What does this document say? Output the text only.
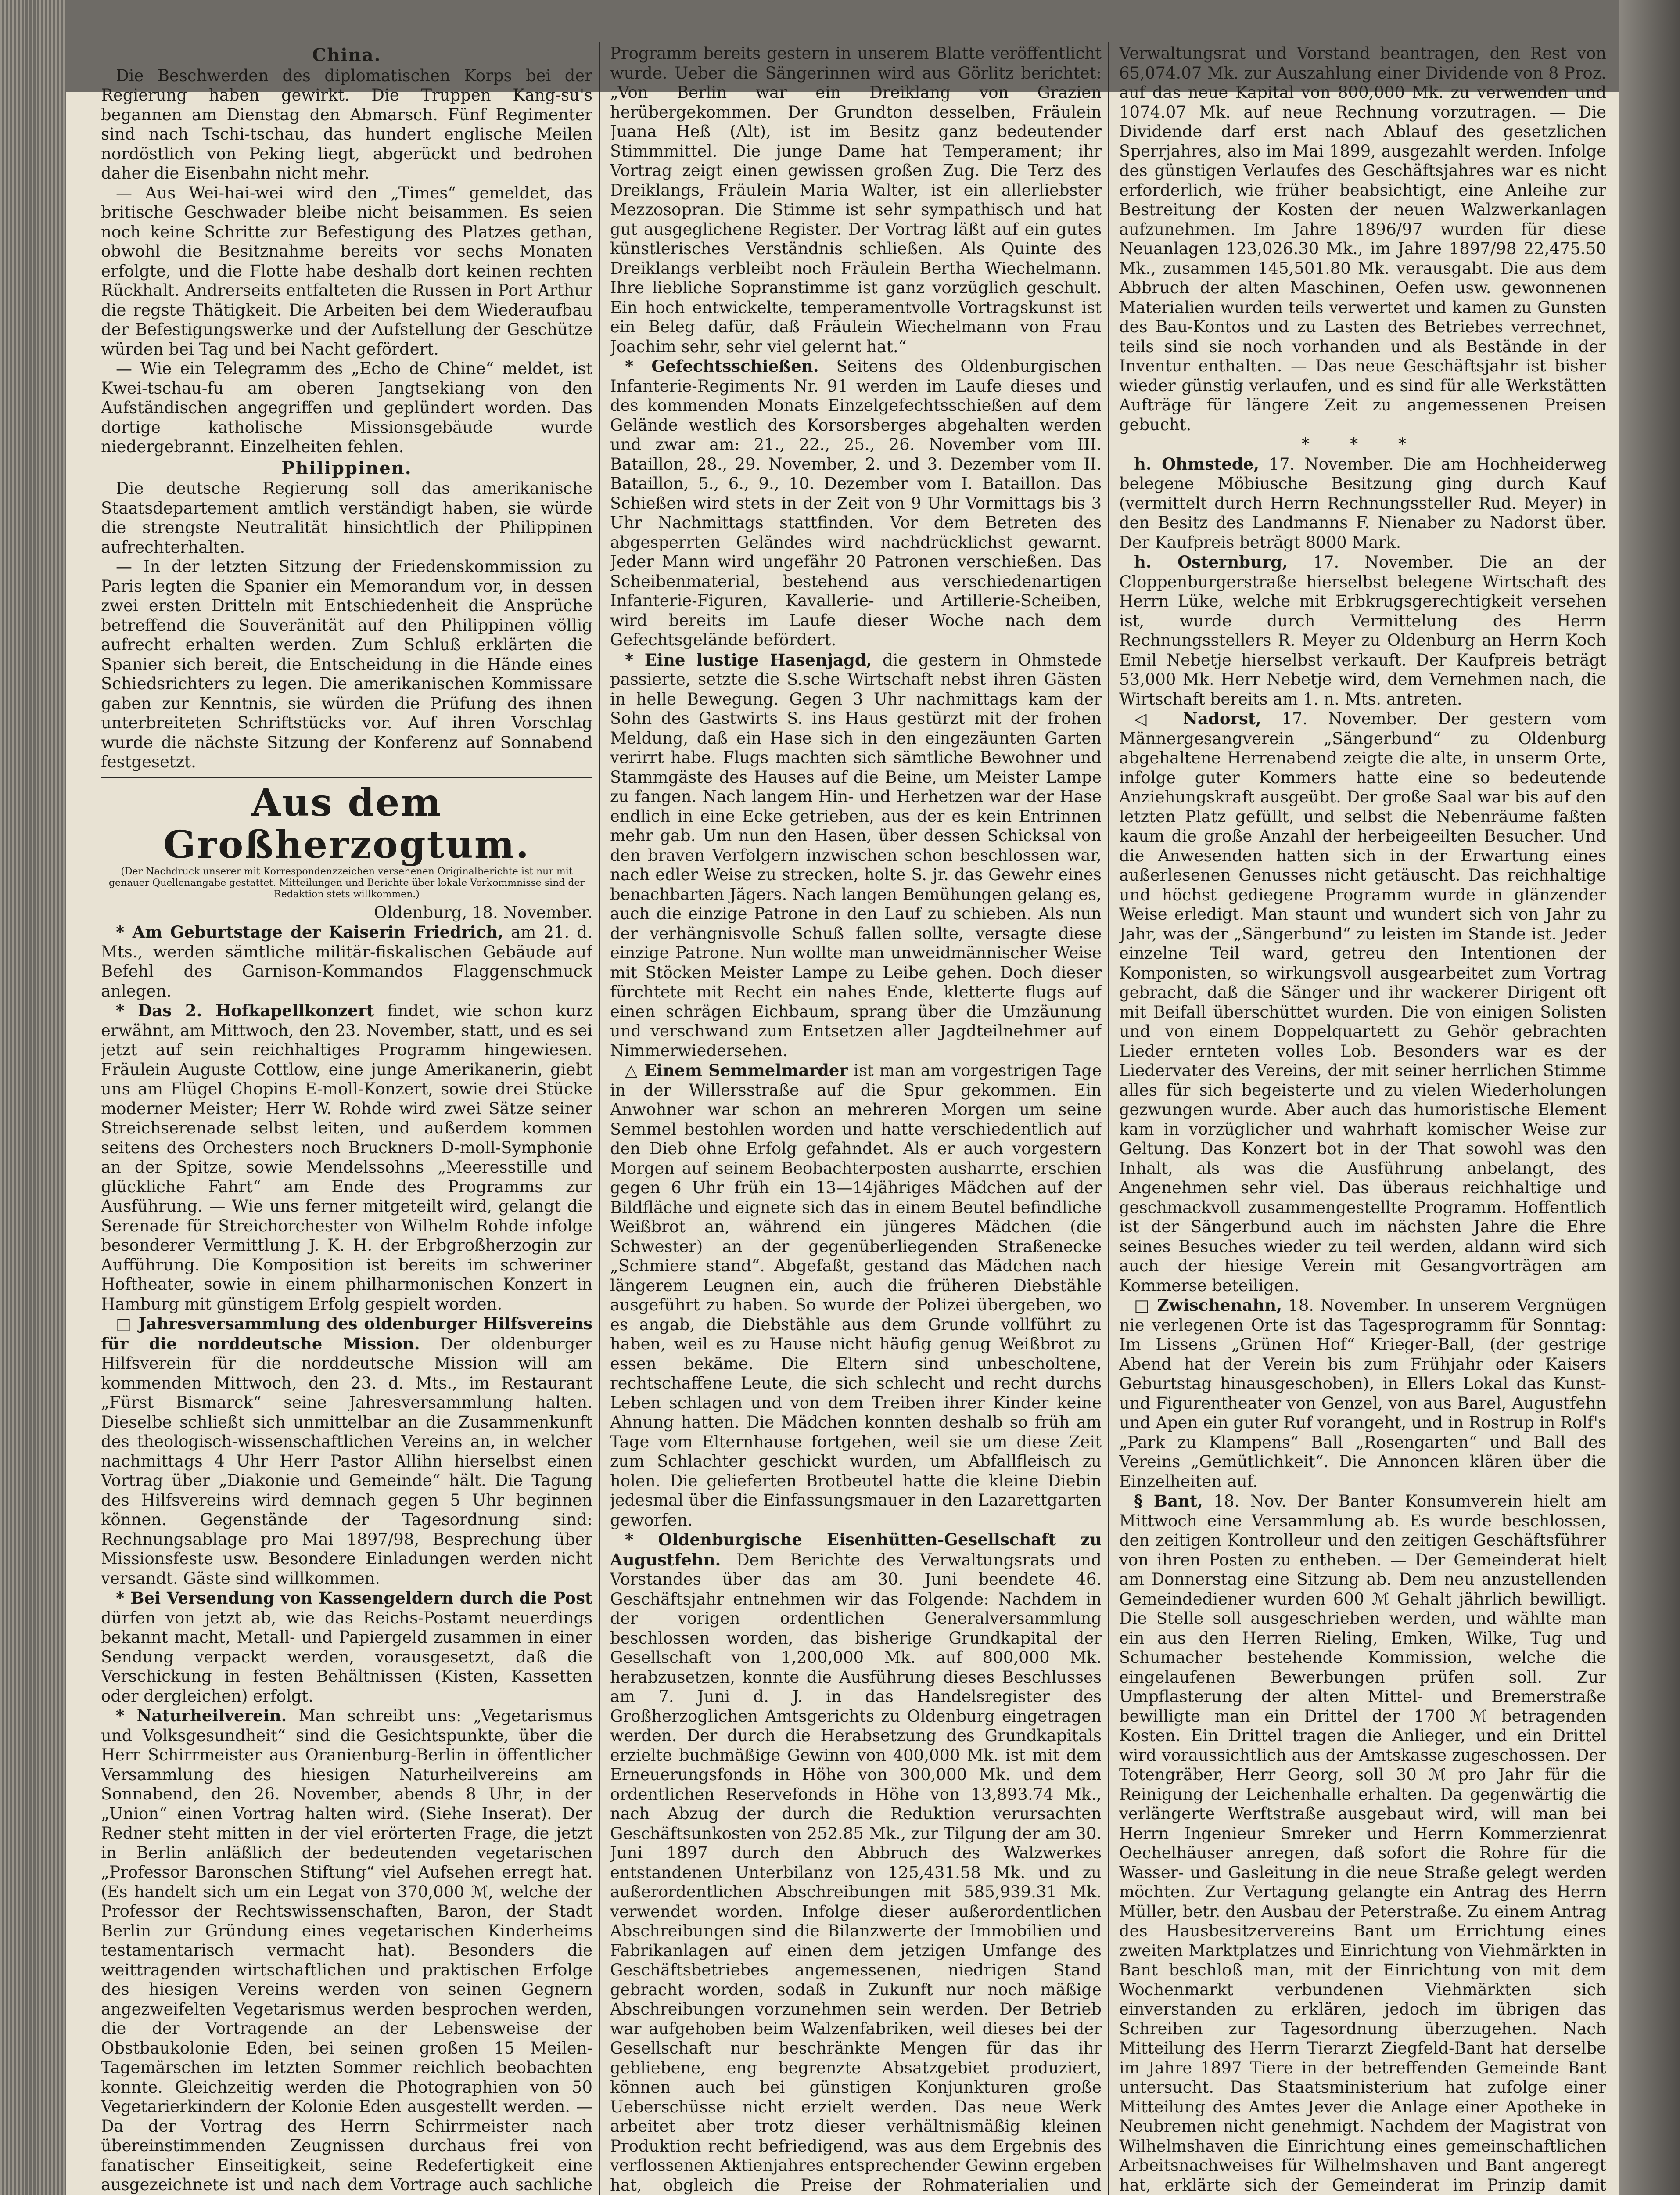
China.

Die Beschwerden des diplomatischen Korps bei der Regierung haben gewirkt. Die Truppen Kang-su's begannen am Dienstag den Abmarsch. Fünf Regimenter sind nach Tschi-tschau, das hundert englische Meilen nordöstlich von Peking liegt, abgerückt und bedrohen daher die Eisenbahn nicht mehr.

— Aus Wei-hai-wei wird den „Times“ gemeldet, das britische Geschwader bleibe nicht beisammen. Es seien noch keine Schritte zur Befestigung des Platzes gethan, obwohl die Besitznahme bereits vor sechs Monaten erfolgte, und die Flotte habe deshalb dort keinen rechten Rückhalt. Andrerseits entfalteten die Russen in Port Arthur die regste Thätigkeit. Die Arbeiten bei dem Wiederaufbau der Befestigungswerke und der Aufstellung der Geschütze würden bei Tag und bei Nacht gefördert.

— Wie ein Telegramm des „Echo de Chine“ meldet, ist Kwei-tschau-fu am oberen Jangtsekiang von den Aufständischen angegriffen und geplündert worden. Das dortige katholische Missionsgebäude wurde niedergebrannt. Einzelheiten fehlen.

Philippinen.

Die deutsche Regierung soll das amerikanische Staatsdepartement amtlich verständigt haben, sie würde die strengste Neutralität hinsichtlich der Philippinen aufrechterhalten.

— In der letzten Sitzung der Friedenskommission zu Paris legten die Spanier ein Memorandum vor, in dessen zwei ersten Dritteln mit Entschiedenheit die Ansprüche betreffend die Souveränität auf den Philippinen völlig aufrecht erhalten werden. Zum Schluß erklärten die Spanier sich bereit, die Entscheidung in die Hände eines Schiedsrichters zu legen. Die amerikanischen Kommissare gaben zur Kenntnis, sie würden die Prüfung des ihnen unterbreiteten Schriftstücks vor. Auf ihren Vorschlag wurde die nächste Sitzung der Konferenz auf Sonnabend festgesetzt.

Aus dem Großherzogtum.
(Der Nachdruck unserer mit Korrespondenzzeichen versehenen Originalberichte ist nur mit genauer Quellenangabe gestattet. Mitteilungen und Berichte über lokale Vorkommnisse sind der Redaktion stets willkommen.)
Oldenburg, 18. November.

* Am Geburtstage der Kaiserin Friedrich, am 21. d. Mts., werden sämtliche militär-fiskalischen Gebäude auf Befehl des Garnison-Kommandos Flaggenschmuck anlegen.

* Das 2. Hofkapellkonzert findet, wie schon kurz erwähnt, am Mittwoch, den 23. November, statt, und es sei jetzt auf sein reichhaltiges Programm hingewiesen. Fräulein Auguste Cottlow, eine junge Amerikanerin, giebt uns am Flügel Chopins E-moll-Konzert, sowie drei Stücke moderner Meister; Herr W. Rohde wird zwei Sätze seiner Streichserenade selbst leiten, und außerdem kommen seitens des Orchesters noch Bruckners D-moll-Symphonie an der Spitze, sowie Mendelssohns „Meeresstille und glückliche Fahrt“ am Ende des Programms zur Ausführung. — Wie uns ferner mitgeteilt wird, gelangt die Serenade für Streichorchester von Wilhelm Rohde infolge besonderer Vermittlung J. K. H. der Erbgroßherzogin zur Aufführung. Die Komposition ist bereits im schweriner Hoftheater, sowie in einem philharmonischen Konzert in Hamburg mit günstigem Erfolg gespielt worden.

□ Jahresversammlung des oldenburger Hilfsvereins für die norddeutsche Mission. Der oldenburger Hilfsverein für die norddeutsche Mission will am kommenden Mittwoch, den 23. d. Mts., im Restaurant „Fürst Bismarck“ seine Jahresversammlung halten. Dieselbe schließt sich unmittelbar an die Zusammenkunft des theologisch-wissenschaftlichen Vereins an, in welcher nachmittags 4 Uhr Herr Pastor Allihn hierselbst einen Vortrag über „Diakonie und Gemeinde“ hält. Die Tagung des Hilfsvereins wird demnach gegen 5 Uhr beginnen können. Gegenstände der Tagesordnung sind: Rechnungsablage pro Mai 1897/98, Besprechung über Missionsfeste usw. Besondere Einladungen werden nicht versandt. Gäste sind willkommen.

* Bei Versendung von Kassengeldern durch die Post dürfen von jetzt ab, wie das Reichs-Postamt neuerdings bekannt macht, Metall- und Papiergeld zusammen in einer Sendung verpackt werden, vorausgesetzt, daß die Verschickung in festen Behältnissen (Kisten, Kassetten oder dergleichen) erfolgt.

* Naturheilverein. Man schreibt uns: „Vegetarismus und Volksgesundheit“ sind die Gesichtspunkte, über die Herr Schirrmeister aus Oranienburg-Berlin in öffentlicher Versammlung des hiesigen Naturheilvereins am Sonnabend, den 26. November, abends 8 Uhr, in der „Union“ einen Vortrag halten wird. (Siehe Inserat). Der Redner steht mitten in der viel erörterten Frage, die jetzt in Berlin anläßlich der bedeutenden vegetarischen „Professor Baronschen Stiftung“ viel Aufsehen erregt hat. (Es handelt sich um ein Legat von 370,000 ℳ, welche der Professor der Rechtswissenschaften, Baron, der Stadt Berlin zur Gründung eines vegetarischen Kinderheims testamentarisch vermacht hat). Besonders die weittragenden wirtschaftlichen und praktischen Erfolge des hiesigen Vereins werden von seinen Gegnern angezweifelten Vegetarismus werden besprochen werden, die der Vortragende an der Lebensweise der Obstbaukolonie Eden, bei seinen großen 15 Meilen-Tagemärschen im letzten Sommer reichlich beobachten konnte. Gleichzeitig werden die Photographien von 50 Vegetarierkindern der Kolonie Eden ausgestellt werden. — Da der Vortrag des Herrn Schirrmeister nach übereinstimmenden Zeugnissen durchaus frei von fanatischer Einseitigkeit, seine Redefertigkeit eine ausgezeichnete ist und nach dem Vortrage auch sachliche

Programm bereits gestern in unserem Blatte veröffentlicht wurde. Ueber die Sängerinnen wird aus Görlitz berichtet: „Von Berlin war ein Dreiklang von Grazien herübergekommen. Der Grundton desselben, Fräulein Juana Heß (Alt), ist im Besitz ganz bedeutender Stimmmittel. Die junge Dame hat Temperament; ihr Vortrag zeigt einen gewissen großen Zug. Die Terz des Dreiklangs, Fräulein Maria Walter, ist ein allerliebster Mezzosopran. Die Stimme ist sehr sympathisch und hat gut ausgeglichene Register. Der Vortrag läßt auf ein gutes künstlerisches Verständnis schließen. Als Quinte des Dreiklangs verbleibt noch Fräulein Bertha Wiechelmann. Ihre liebliche Sopranstimme ist ganz vorzüglich geschult. Ein hoch entwickelte, temperamentvolle Vortragskunst ist ein Beleg dafür, daß Fräulein Wiechelmann von Frau Joachim sehr, sehr viel gelernt hat.“

* Gefechtsschießen. Seitens des Oldenburgischen Infanterie-Regiments Nr. 91 werden im Laufe dieses und des kommenden Monats Einzelgefechtsschießen auf dem Gelände westlich des Korsorsberges abgehalten werden und zwar am: 21., 22., 25., 26. November vom III. Bataillon, 28., 29. November, 2. und 3. Dezember vom II. Bataillon, 5., 6., 9., 10. Dezember vom I. Bataillon. Das Schießen wird stets in der Zeit von 9 Uhr Vormittags bis 3 Uhr Nachmittags stattfinden. Vor dem Betreten des abgesperrten Geländes wird nachdrücklichst gewarnt. Jeder Mann wird ungefähr 20 Patronen verschießen. Das Scheibenmaterial, bestehend aus verschiedenartigen Infanterie-Figuren, Kavallerie- und Artillerie-Scheiben, wird bereits im Laufe dieser Woche nach dem Gefechtsgelände befördert.

* Eine lustige Hasenjagd, die gestern in Ohmstede passierte, setzte die S.sche Wirtschaft nebst ihren Gästen in helle Bewegung. Gegen 3 Uhr nachmittags kam der Sohn des Gastwirts S. ins Haus gestürzt mit der frohen Meldung, daß ein Hase sich in den eingezäunten Garten verirrt habe. Flugs machten sich sämtliche Bewohner und Stammgäste des Hauses auf die Beine, um Meister Lampe zu fangen. Nach langem Hin- und Herhetzen war der Hase endlich in eine Ecke getrieben, aus der es kein Entrinnen mehr gab. Um nun den Hasen, über dessen Schicksal von den braven Verfolgern inzwischen schon beschlossen war, nach edler Weise zu strecken, holte S. jr. das Gewehr eines benachbarten Jägers. Nach langen Bemühungen gelang es, auch die einzige Patrone in den Lauf zu schieben. Als nun der verhängnisvolle Schuß fallen sollte, versagte diese einzige Patrone. Nun wollte man unweidmännischer Weise mit Stöcken Meister Lampe zu Leibe gehen. Doch dieser fürchtete mit Recht ein nahes Ende, kletterte flugs auf einen schrägen Eichbaum, sprang über die Umzäunung und verschwand zum Entsetzen aller Jagdteilnehmer auf Nimmerwiedersehen.

△ Einem Semmelmarder ist man am vorgestrigen Tage in der Willersstraße auf die Spur gekommen. Ein Anwohner war schon an mehreren Morgen um seine Semmel bestohlen worden und hatte verschiedentlich auf den Dieb ohne Erfolg gefahndet. Als er auch vorgestern Morgen auf seinem Beobachterposten ausharrte, erschien gegen 6 Uhr früh ein 13—14jähriges Mädchen auf der Bildfläche und eignete sich das in einem Beutel befindliche Weißbrot an, während ein jüngeres Mädchen (die Schwester) an der gegenüberliegenden Straßenecke „Schmiere stand“. Abgefaßt, gestand das Mädchen nach längerem Leugnen ein, auch die früheren Diebstähle ausgeführt zu haben. So wurde der Polizei übergeben, wo es angab, die Diebstähle aus dem Grunde vollführt zu haben, weil es zu Hause nicht häufig genug Weißbrot zu essen bekäme. Die Eltern sind unbescholtene, rechtschaffene Leute, die sich schlecht und recht durchs Leben schlagen und von dem Treiben ihrer Kinder keine Ahnung hatten. Die Mädchen konnten deshalb so früh am Tage vom Elternhause fortgehen, weil sie um diese Zeit zum Schlachter geschickt wurden, um Abfallfleisch zu holen. Die gelieferten Brotbeutel hatte die kleine Diebin jedesmal über die Einfassungsmauer in den Lazarettgarten geworfen.

* Oldenburgische Eisenhütten-Gesellschaft zu Augustfehn. Dem Berichte des Verwaltungsrats und Vorstandes über das am 30. Juni beendete 46. Geschäftsjahr entnehmen wir das Folgende: Nachdem in der vorigen ordentlichen Generalversammlung beschlossen worden, das bisherige Grundkapital der Gesellschaft von 1,200,000 Mk. auf 800,000 Mk. herabzusetzen, konnte die Ausführung dieses Beschlusses am 7. Juni d. J. in das Handelsregister des Großherzoglichen Amtsgerichts zu Oldenburg eingetragen werden. Der durch die Herabsetzung des Grundkapitals erzielte buchmäßige Gewinn von 400,000 Mk. ist mit dem Erneuerungsfonds in Höhe von 300,000 Mk. und dem ordentlichen Reservefonds in Höhe von 13,893.74 Mk., nach Abzug der durch die Reduktion verursachten Geschäftsunkosten von 252.85 Mk., zur Tilgung der am 30. Juni 1897 durch den Abbruch des Walzwerkes entstandenen Unterbilanz von 125,431.58 Mk. und zu außerordentlichen Abschreibungen mit 585,939.31 Mk. verwendet worden. Infolge dieser außerordentlichen Abschreibungen sind die Bilanzwerte der Immobilien und Fabrikanlagen auf einen dem jetzigen Umfange des Geschäftsbetriebes angemessenen, niedrigen Stand gebracht worden, sodaß in Zukunft nur noch mäßige Abschreibungen vorzunehmen sein werden. Der Betrieb war aufgehoben beim Walzenfabriken, weil dieses bei der Gesellschaft nur beschränkte Mengen für das ihr gebliebene, eng begrenzte Absatzgebiet produziert, können auch bei günstigen Konjunkturen große Ueberschüsse nicht erzielt werden. Das neue Werk arbeitet aber trotz dieser verhältnismäßig kleinen Produktion recht befriedigend, was aus dem Ergebnis des verflossenen Aktienjahres entsprechender Gewinn ergeben hat, obgleich die Preise der Rohmaterialien und

Verwaltungsrat und Vorstand beantragen, den Rest von 65,074.07 Mk. zur Auszahlung einer Dividende von 8 Proz. auf das neue Kapital von 800,000 Mk. zu verwenden und 1074.07 Mk. auf neue Rechnung vorzutragen. — Die Dividende darf erst nach Ablauf des gesetzlichen Sperrjahres, also im Mai 1899, ausgezahlt werden. Infolge des günstigen Verlaufes des Geschäftsjahres war es nicht erforderlich, wie früher beabsichtigt, eine Anleihe zur Bestreitung der Kosten der neuen Walzwerkanlagen aufzunehmen. Im Jahre 1896/97 wurden für diese Neuanlagen 123,026.30 Mk., im Jahre 1897/98 22,475.50 Mk., zusammen 145,501.80 Mk. verausgabt. Die aus dem Abbruch der alten Maschinen, Oefen usw. gewonnenen Materialien wurden teils verwertet und kamen zu Gunsten des Bau-Kontos und zu Lasten des Betriebes verrechnet, teils sind sie noch vorhanden und als Bestände in der Inventur enthalten. — Das neue Geschäftsjahr ist bisher wieder günstig verlaufen, und es sind für alle Werkstätten Aufträge für längere Zeit zu angemessenen Preisen gebucht.

* * *

h. Ohmstede, 17. November. Die am Hochheiderweg belegene Möbiusche Besitzung ging durch Kauf (vermittelt durch Herrn Rechnungssteller Rud. Meyer) in den Besitz des Landmanns F. Nienaber zu Nadorst über. Der Kaufpreis beträgt 8000 Mark.

h. Osternburg, 17. November. Die an der Cloppenburgerstraße hierselbst belegene Wirtschaft des Herrn Lüke, welche mit Erbkrugsgerechtigkeit versehen ist, wurde durch Vermittelung des Herrn Rechnungsstellers R. Meyer zu Oldenburg an Herrn Koch Emil Nebetje hierselbst verkauft. Der Kaufpreis beträgt 53,000 Mk. Herr Nebetje wird, dem Vernehmen nach, die Wirtschaft bereits am 1. n. Mts. antreten.

◁ Nadorst, 17. November. Der gestern vom Männergesangverein „Sängerbund“ zu Oldenburg abgehaltene Herrenabend zeigte die alte, in unserm Orte, infolge guter Kommers hatte eine so bedeutende Anziehungskraft ausgeübt. Der große Saal war bis auf den letzten Platz gefüllt, und selbst die Nebenräume faßten kaum die große Anzahl der herbeigeeilten Besucher. Und die Anwesenden hatten sich in der Erwartung eines außerlesenen Genusses nicht getäuscht. Das reichhaltige und höchst gediegene Programm wurde in glänzender Weise erledigt. Man staunt und wundert sich von Jahr zu Jahr, was der „Sängerbund“ zu leisten im Stande ist. Jeder einzelne Teil ward, getreu den Intentionen der Komponisten, so wirkungsvoll ausgearbeitet zum Vortrag gebracht, daß die Sänger und ihr wackerer Dirigent oft mit Beifall überschüttet wurden. Die von einigen Solisten und von einem Doppelquartett zu Gehör gebrachten Lieder ernteten volles Lob. Besonders war es der Liedervater des Vereins, der mit seiner herrlichen Stimme alles für sich begeisterte und zu vielen Wiederholungen gezwungen wurde. Aber auch das humoristische Element kam in vorzüglicher und wahrhaft komischer Weise zur Geltung. Das Konzert bot in der That sowohl was den Inhalt, als was die Ausführung anbelangt, des Angenehmen sehr viel. Das überaus reichhaltige und geschmackvoll zusammengestellte Programm. Hoffentlich ist der Sängerbund auch im nächsten Jahre die Ehre seines Besuches wieder zu teil werden, aldann wird sich auch der hiesige Verein mit Gesangvorträgen am Kommerse beteiligen.

□ Zwischenahn, 18. November. In unserem Vergnügen nie verlegenen Orte ist das Tagesprogramm für Sonntag: Im Lissens „Grünen Hof“ Krieger-Ball, (der gestrige Abend hat der Verein bis zum Frühjahr oder Kaisers Geburtstag hinausgeschoben), in Ellers Lokal das Kunst- und Figurentheater von Genzel, von aus Barel, Augustfehn und Apen ein guter Ruf vorangeht, und in Rostrup in Rolf's „Park zu Klampens“ Ball „Rosengarten“ und Ball des Vereins „Gemütlichkeit“. Die Annoncen klären über die Einzelheiten auf.

§ Bant, 18. Nov. Der Banter Konsumverein hielt am Mittwoch eine Versammlung ab. Es wurde beschlossen, den zeitigen Kontrolleur und den zeitigen Geschäftsführer von ihren Posten zu entheben. — Der Gemeinderat hielt am Donnerstag eine Sitzung ab. Dem neu anzustellenden Gemeindediener wurden 600 ℳ Gehalt jährlich bewilligt. Die Stelle soll ausgeschrieben werden, und wählte man ein aus den Herren Rieling, Emken, Wilke, Tug und Schumacher bestehende Kommission, welche die eingelaufenen Bewerbungen prüfen soll. Zur Umpflasterung der alten Mittel- und Bremerstraße bewilligte man ein Drittel der 1700 ℳ betragenden Kosten. Ein Drittel tragen die Anlieger, und ein Drittel wird voraussichtlich aus der Amtskasse zugeschossen. Der Totengräber, Herr Georg, soll 30 ℳ pro Jahr für die Reinigung der Leichenhalle erhalten. Da gegenwärtig die verlängerte Werftstraße ausgebaut wird, will man bei Herrn Ingenieur Smreker und Herrn Kommerzienrat Oechelhäuser anregen, daß sofort die Rohre für die Wasser- und Gasleitung in die neue Straße gelegt werden möchten. Zur Vertagung gelangte ein Antrag des Herrn Müller, betr. den Ausbau der Peterstraße. Zu einem Antrag des Hausbesitzervereins Bant um Errichtung eines zweiten Marktplatzes und Einrichtung von Viehmärkten in Bant beschloß man, mit der Einrichtung von mit dem Wochenmarkt verbundenen Viehmärkten sich einverstanden zu erklären, jedoch im übrigen das Schreiben zur Tagesordnung überzugehen. Nach Mitteilung des Herrn Tierarzt Ziegfeld-Bant hat derselbe im Jahre 1897 Tiere in der betreffenden Gemeinde Bant untersucht. Das Staatsministerium hat zufolge einer Mitteilung des Amtes Jever die Anlage einer Apotheke in Neubremen nicht genehmigt. Nachdem der Magistrat von Wilhelmshaven die Einrichtung eines gemeinschaftlichen Arbeitsnachweises für Wilhelmshaven und Bant angeregt hat, erklärte sich der Gemeinderat im Prinzip damit
